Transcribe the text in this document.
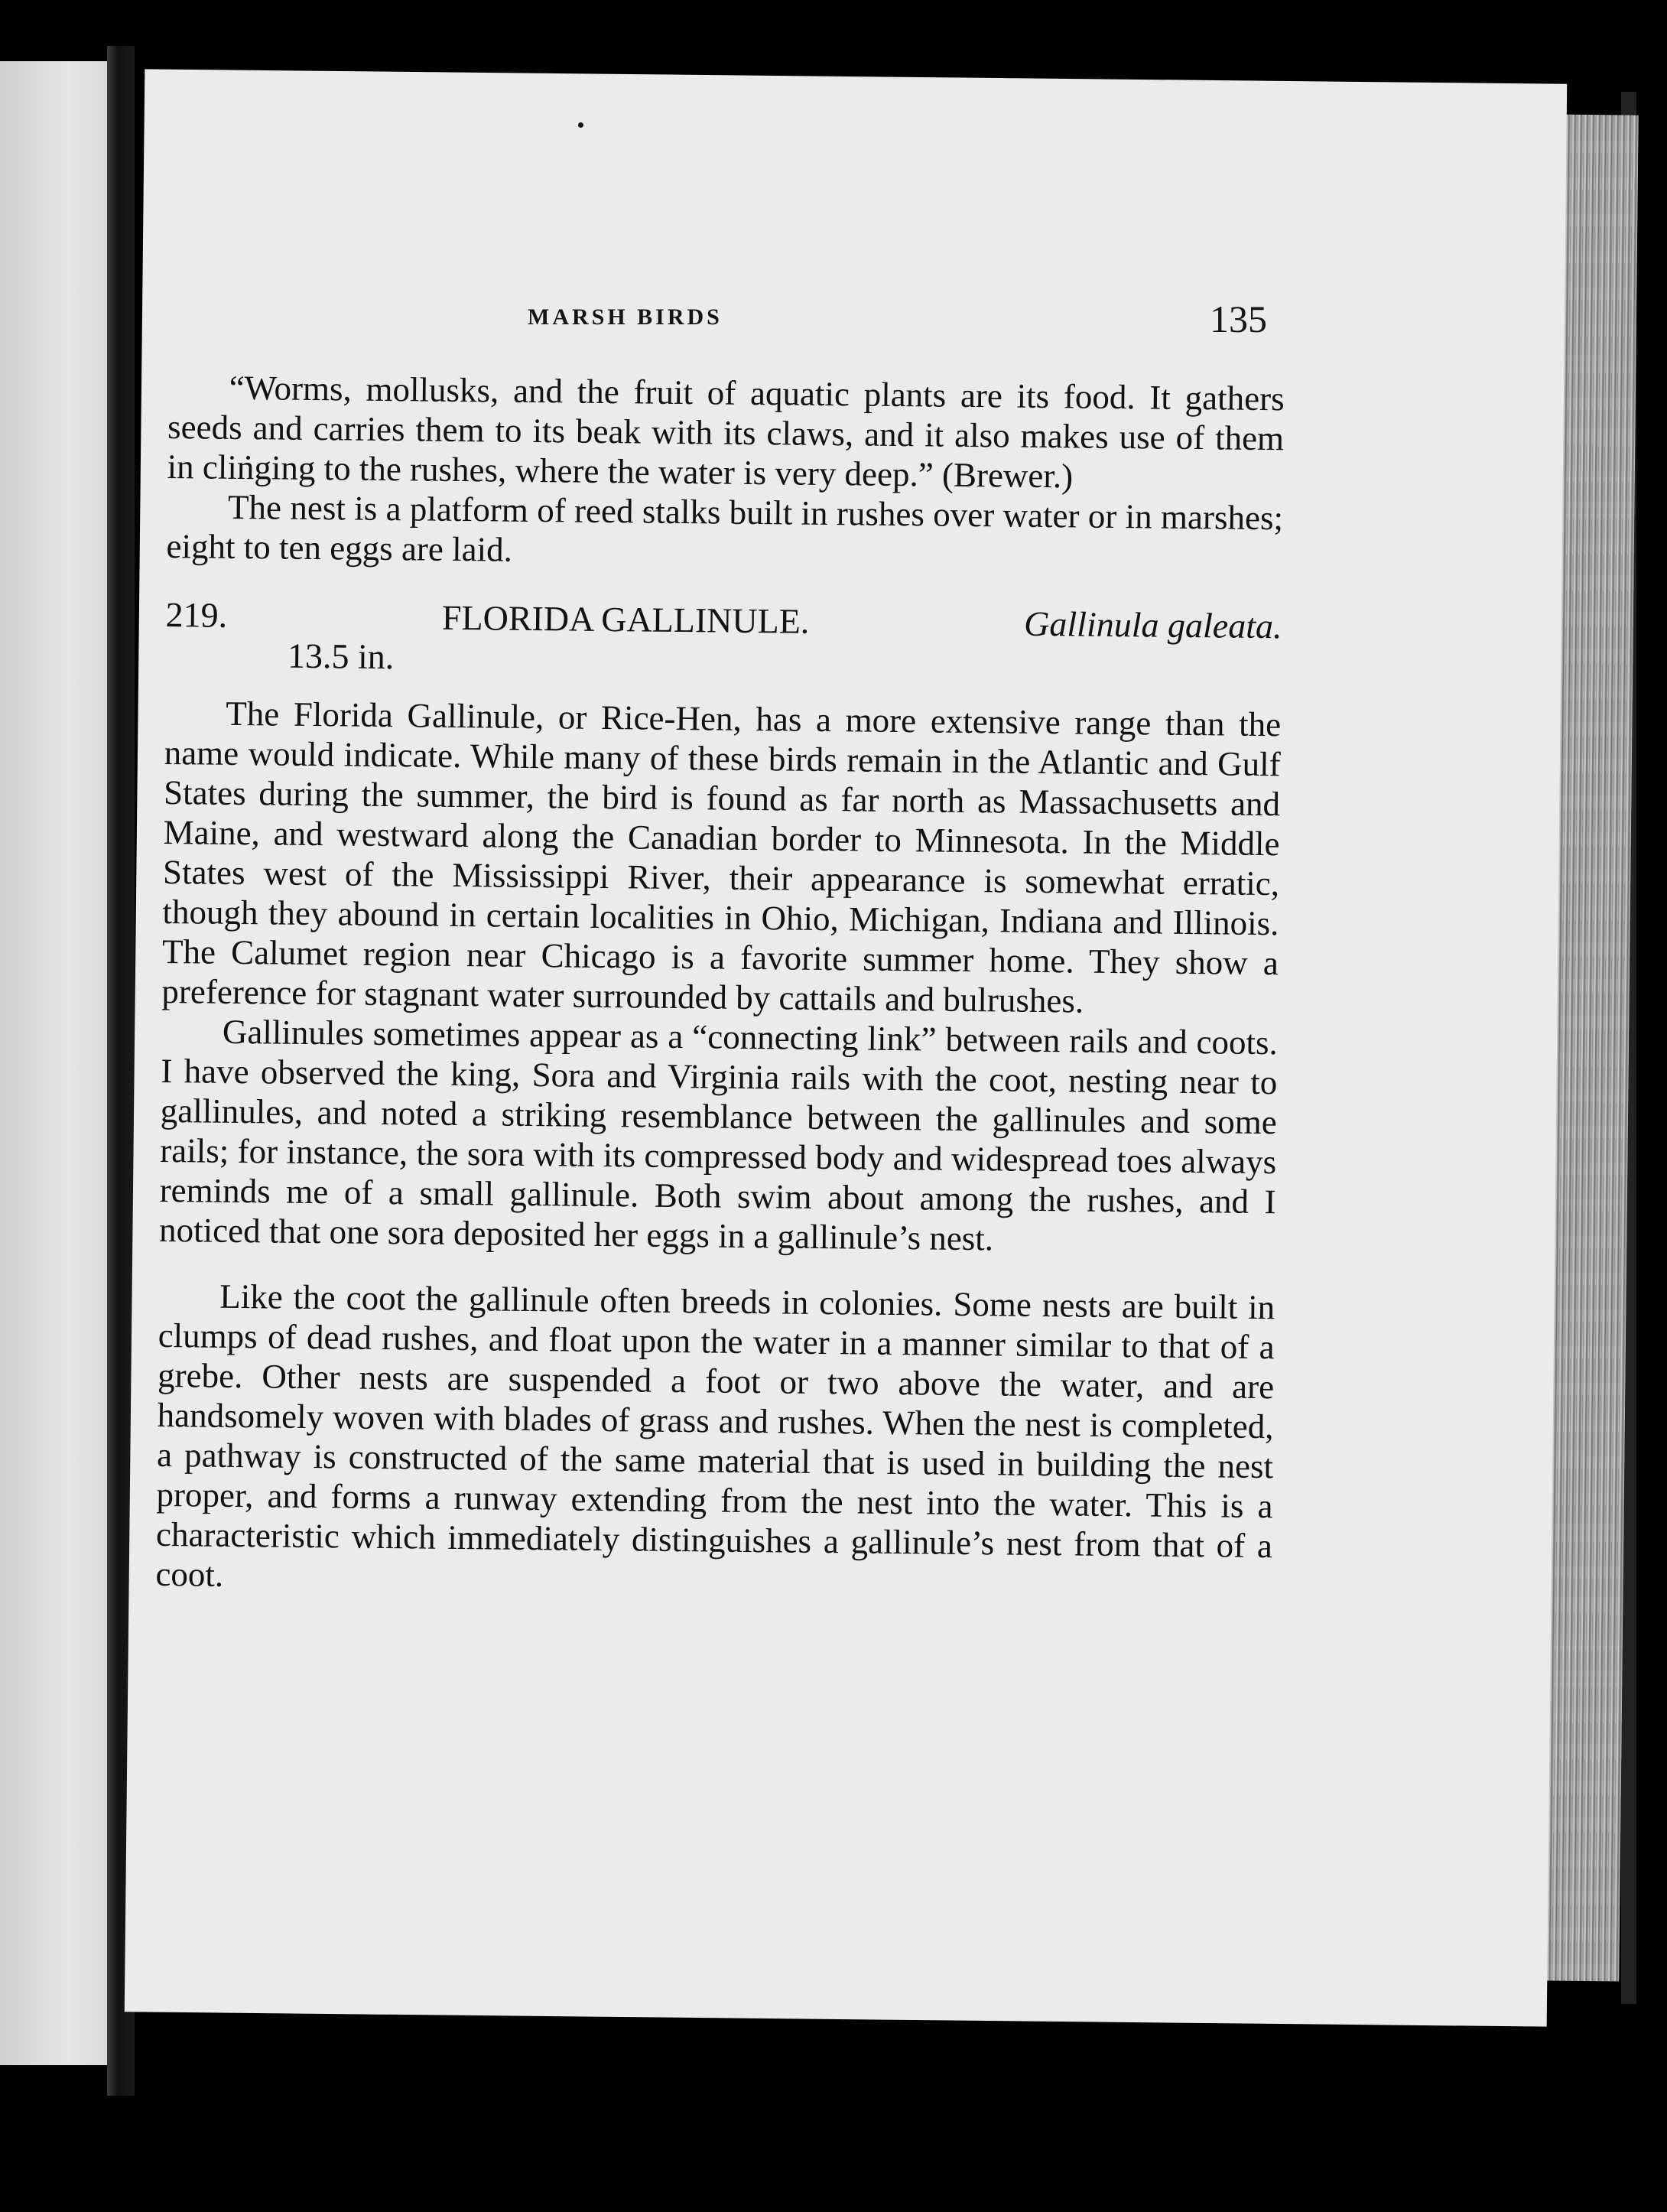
MARSH BIRDS	135

“Worms, mollusks, and the fruit of aquatic plants are its food. It gathers seeds and carries them to its beak with its claws, and it also makes use of them in clinging to the rushes, where the water is very deep.” (Brewer.)

The nest is a platform of reed stalks built in rushes over water or in marshes; eight to ten eggs are laid.

219.	FLORIDA GALLINULE.	Gallinula galeata.
13.5 in.

The Florida Gallinule, or Rice-Hen, has a more extensive range than the name would indicate. While many of these birds remain in the Atlantic and Gulf States during the summer, the bird is found as far north as Massachusetts and Maine, and westward along the Canadian border to Minnesota. In the Middle States west of the Mississippi River, their appearance is somewhat erratic, though they abound in certain localities in Ohio, Michigan, Indiana and Illinois. The Calumet region near Chicago is a favorite summer home. They show a preference for stagnant water surrounded by cattails and bulrushes.

Gallinules sometimes appear as a “connecting link” between rails and coots. I have observed the king, Sora and Virginia rails with the coot, nesting near to gallinules, and noted a striking resemblance between the gallinules and some rails; for instance, the sora with its compressed body and widespread toes always reminds me of a small gallinule. Both swim about among the rushes, and I noticed that one sora deposited her eggs in a gallinule’s nest.

Like the coot the gallinule often breeds in colonies. Some nests are built in clumps of dead rushes, and float upon the water in a manner similar to that of a grebe. Other nests are suspended a foot or two above the water, and are handsomely woven with blades of grass and rushes. When the nest is completed, a pathway is constructed of the same material that is used in building the nest proper, and forms a runway extending from the nest into the water. This is a characteristic which immediately distinguishes a gallinule’s nest from that of a coot.
